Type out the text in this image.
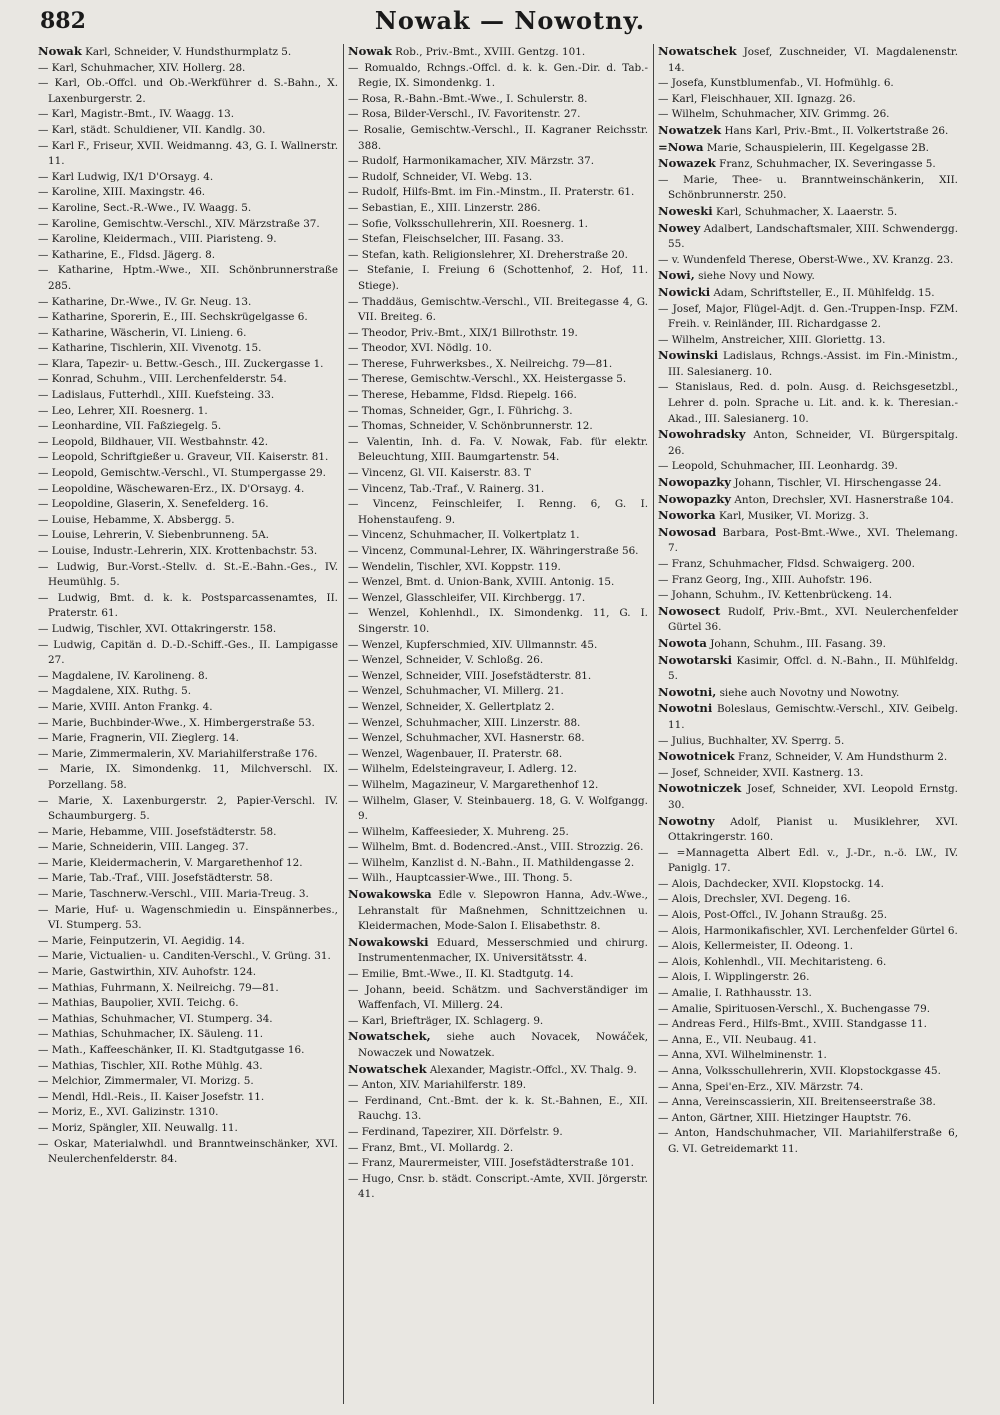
882	Nowak — Nowotny.

Nowak Karl, Schneider, V. Hundsthurmplatz 5.

— Karl, Schuhmacher, XIV. Hollerg. 28.

— Karl, Ob.-Offcl. und Ob.-Werkführer d. S.-Bahn., X. Laxenburgerstr. 2.

— Karl, Magistr.-Bmt., IV. Waagg. 13.

— Karl, städt. Schuldiener, VII. Kandlg. 30.

— Karl F., Friseur, XVII. Weidmanng. 43, G. I. Wallnerstr. 11.

— Karl Ludwig, IX/1 D'Orsayg. 4.

— Karoline, XIII. Maxingstr. 46.

— Karoline, Sect.-R.-Wwe., IV. Waagg. 5.

— Karoline, Gemischtw.-Verschl., XIV. Märzstraße 37.

— Karoline, Kleidermach., VIII. Piaristeng. 9.

— Katharine, E., Fldsd. Jägerg. 8.

— Katharine, Hptm.-Wwe., XII. Schönbrunnerstraße 285.

— Katharine, Dr.-Wwe., IV. Gr. Neug. 13.

— Katharine, Sporerin, E., III. Sechskrügelgasse 6.

— Katharine, Wäscherin, VI. Linieng. 6.

— Katharine, Tischlerin, XII. Vivenotg. 15.

— Klara, Tapezir- u. Bettw.-Gesch., III. Zuckergasse 1.

— Konrad, Schuhm., VIII. Lerchenfelderstr. 54.

— Ladislaus, Futterhdl., XIII. Kuefsteing. 33.

— Leo, Lehrer, XII. Roesnerg. 1.

— Leonhardine, VII. Faßziegelg. 5.

— Leopold, Bildhauer, VII. Westbahnstr. 42.

— Leopold, Schriftgießer u. Graveur, VII. Kaiserstr. 81.

— Leopold, Gemischtw.-Verschl., VI. Stumpergasse 29.

— Leopoldine, Wäschewaren-Erz., IX. D'Orsayg. 4.

— Leopoldine, Glaserin, X. Senefelderg. 16.

— Louise, Hebamme, X. Absbergg. 5.

— Louise, Lehrerin, V. Siebenbrunneng. 5A.

— Louise, Industr.-Lehrerin, XIX. Krottenbachstr. 53.

— Ludwig, Bur.-Vorst.-Stellv. d. St.-E.-Bahn.-Ges., IV. Heumühlg. 5.

— Ludwig, Bmt. d. k. k. Postsparcassenamtes, II. Praterstr. 61.

— Ludwig, Tischler, XVI. Ottakringerstr. 158.

— Ludwig, Capitän d. D.-D.-Schiff.-Ges., II. Lampigasse 27.

— Magdalene, IV. Karolineng. 8.

— Magdalene, XIX. Ruthg. 5.

— Marie, XVIII. Anton Frankg. 4.

— Marie, Buchbinder-Wwe., X. Himbergerstraße 53.

— Marie, Fragnerin, VII. Zieglerg. 14.

— Marie, Zimmermalerin, XV. Mariahilferstraße 176.

— Marie, IX. Simondenkg. 11, Milchverschl. IX. Porzellang. 58.

— Marie, X. Laxenburgerstr. 2, Papier-Verschl. IV. Schaumburgerg. 5.

— Marie, Hebamme, VIII. Josefstädterstr. 58.

— Marie, Schneiderin, VIII. Langeg. 37.

— Marie, Kleidermacherin, V. Margarethenhof 12.

— Marie, Tab.-Traf., VIII. Josefstädterstr. 58.

— Marie, Taschnerw.-Verschl., VIII. Maria-Treug. 3.

— Marie, Huf- u. Wagenschmiedin u. Einspännerbes., VI. Stumperg. 53.

— Marie, Feinputzerin, VI. Aegidig. 14.

— Marie, Victualien- u. Canditen-Verschl., V. Grüng. 31.

— Marie, Gastwirthin, XIV. Auhofstr. 124.

— Mathias, Fuhrmann, X. Neilreichg. 79—81.

— Mathias, Baupolier, XVII. Teichg. 6.

— Mathias, Schuhmacher, VI. Stumperg. 34.

— Mathias, Schuhmacher, IX. Säuleng. 11.

— Math., Kaffeeschänker, II. Kl. Stadtgutgasse 16.

— Mathias, Tischler, XII. Rothe Mühlg. 43.

— Melchior, Zimmermaler, VI. Morizg. 5.

— Mendl, Hdl.-Reis., II. Kaiser Josefstr. 11.

— Moriz, E., XVI. Galizinstr. 1310.

— Moriz, Spängler, XII. Neuwallg. 11.

— Oskar, Materialwhdl. und Branntweinschänker, XVI. Neulerchenfelderstr. 84.

Nowak Rob., Priv.-Bmt., XVIII. Gentzg. 101.

— Romualdo, Rchngs.-Offcl. d. k. k. Gen.-Dir. d. Tab.-Regie, IX. Simondenkg. 1.

— Rosa, R.-Bahn.-Bmt.-Wwe., I. Schulerstr. 8.

— Rosa, Bilder-Verschl., IV. Favoritenstr. 27.

— Rosalie, Gemischtw.-Verschl., II. Kagraner Reichsstr. 388.

— Rudolf, Harmonikamacher, XIV. Märzstr. 37.

— Rudolf, Schneider, VI. Webg. 13.

— Rudolf, Hilfs-Bmt. im Fin.-Minstm., II. Praterstr. 61.

— Sebastian, E., XIII. Linzerstr. 286.

— Sofie, Volksschullehrerin, XII. Roesnerg. 1.

— Stefan, Fleischselcher, III. Fasang. 33.

— Stefan, kath. Religionslehrer, XI. Dreherstraße 20.

— Stefanie, I. Freiung 6 (Schottenhof, 2. Hof, 11. Stiege).

— Thaddäus, Gemischtw.-Verschl., VII. Breitegasse 4, G. VII. Breiteg. 6.

— Theodor, Priv.-Bmt., XIX/1 Billrothstr. 19.

— Theodor, XVI. Nödlg. 10.

— Therese, Fuhrwerksbes., X. Neilreichg. 79—81.

— Therese, Gemischtw.-Verschl., XX. Heistergasse 5.

— Therese, Hebamme, Fldsd. Riepelg. 166.

— Thomas, Schneider, Ggr., I. Führichg. 3.

— Thomas, Schneider, V. Schönbrunnerstr. 12.

— Valentin, Inh. d. Fa. V. Nowak, Fab. für elektr. Beleuchtung, XIII. Baumgartenstr. 54.

— Vincenz, Gl. VII. Kaiserstr. 83. T

— Vincenz, Tab.-Traf., V. Rainerg. 31.

— Vincenz, Feinschleifer, I. Renng. 6, G. I. Hohenstaufeng. 9.

— Vincenz, Schuhmacher, II. Volkertplatz 1.

— Vincenz, Communal-Lehrer, IX. Währingerstraße 56.

— Wendelin, Tischler, XVI. Koppstr. 119.

— Wenzel, Bmt. d. Union-Bank, XVIII. Antonig. 15.

— Wenzel, Glasschleifer, VII. Kirchbergg. 17.

— Wenzel, Kohlenhdl., IX. Simondenkg. 11, G. I. Singerstr. 10.

— Wenzel, Kupferschmied, XIV. Ullmannstr. 45.

— Wenzel, Schneider, V. Schloßg. 26.

— Wenzel, Schneider, VIII. Josefstädterstr. 81.

— Wenzel, Schuhmacher, VI. Millerg. 21.

— Wenzel, Schneider, X. Gellertplatz 2.

— Wenzel, Schuhmacher, XIII. Linzerstr. 88.

— Wenzel, Schuhmacher, XVI. Hasnerstr. 68.

— Wenzel, Wagenbauer, II. Praterstr. 68.

— Wilhelm, Edelsteingraveur, I. Adlerg. 12.

— Wilhelm, Magazineur, V. Margarethenhof 12.

— Wilhelm, Glaser, V. Steinbauerg. 18, G. V. Wolfgangg. 9.

— Wilhelm, Kaffeesieder, X. Muhreng. 25.

— Wilhelm, Bmt. d. Bodencred.-Anst., VIII. Strozzig. 26.

— Wilhelm, Kanzlist d. N.-Bahn., II. Mathildengasse 2.

— Wilh., Hauptcassier-Wwe., III. Thong. 5.

Nowakowska Edle v. Slepowron Hanna, Adv.-Wwe., Lehranstalt für Maßnehmen, Schnittzeichnen u. Kleidermachen, Mode-Salon I. Elisabethstr. 8.

Nowakowski Eduard, Messerschmied und chirurg. Instrumentenmacher, IX. Universitätsstr. 4.

— Emilie, Bmt.-Wwe., II. Kl. Stadtgutg. 14.

— Johann, beeid. Schätzm. und Sachverständiger im Waffenfach, VI. Millerg. 24.

— Karl, Briefträger, IX. Schlagerg. 9.

Nowatschek, siehe auch Novacek, Nowáček, Nowaczek und Nowatzek.

Nowatschek Alexander, Magistr.-Offcl., XV. Thalg. 9.

— Anton, XIV. Mariahilferstr. 189.

— Ferdinand, Cnt.-Bmt. der k. k. St.-Bahnen, E., XII. Rauchg. 13.

— Ferdinand, Tapezirer, XII. Dörfelstr. 9.

— Franz, Bmt., VI. Mollardg. 2.

— Franz, Maurermeister, VIII. Josefstädterstraße 101.

— Hugo, Cnsr. b. städt. Conscript.-Amte, XVII. Jörgerstr. 41.

Nowatschek Josef, Zuschneider, VI. Magdalenenstr. 14.

— Josefa, Kunstblumenfab., VI. Hofmühlg. 6.

— Karl, Fleischhauer, XII. Ignazg. 26.

— Wilhelm, Schuhmacher, XIV. Grimmg. 26.

Nowatzek Hans Karl, Priv.-Bmt., II. Volkertstraße 26.

=Nowa Marie, Schauspielerin, III. Kegelgasse 2B.

Nowazek Franz, Schuhmacher, IX. Severingasse 5.

— Marie, Thee- u. Branntweinschänkerin, XII. Schönbrunnerstr. 250.

Noweski Karl, Schuhmacher, X. Laaerstr. 5.

Nowey Adalbert, Landschaftsmaler, XIII. Schwendergg. 55.

— v. Wundenfeld Therese, Oberst-Wwe., XV. Kranzg. 23.

Nowi, siehe Novy und Nowy.

Nowicki Adam, Schriftsteller, E., II. Mühlfeldg. 15.

— Josef, Major, Flügel-Adjt. d. Gen.-Truppen-Insp. FZM. Freih. v. Reinländer, III. Richardgasse 2.

— Wilhelm, Anstreicher, XIII. Gloriettg. 13.

Nowinski Ladislaus, Rchngs.-Assist. im Fin.-Ministm., III. Salesianerg. 10.

— Stanislaus, Red. d. poln. Ausg. d. Reichsgesetzbl., Lehrer d. poln. Sprache u. Lit. and. k. k. Theresian.-Akad., III. Salesianerg. 10.

Nowohradsky Anton, Schneider, VI. Bürgerspitalg. 26.

— Leopold, Schuhmacher, III. Leonhardg. 39.

Nowopazky Johann, Tischler, VI. Hirschengasse 24.

Nowopazky Anton, Drechsler, XVI. Hasnerstraße 104.

Noworka Karl, Musiker, VI. Morizg. 3.

Nowosad Barbara, Post-Bmt.-Wwe., XVI. Thelemang. 7.

— Franz, Schuhmacher, Fldsd. Schwaigerg. 200.

— Franz Georg, Ing., XIII. Auhofstr. 196.

— Johann, Schuhm., IV. Kettenbrückeng. 14.

Nowosect Rudolf, Priv.-Bmt., XVI. Neulerchenfelder Gürtel 36.

Nowota Johann, Schuhm., III. Fasang. 39.

Nowotarski Kasimir, Offcl. d. N.-Bahn., II. Mühlfeldg. 5.

Nowotni, siehe auch Novotny und Nowotny.

Nowotni Boleslaus, Gemischtw.-Verschl., XIV. Geibelg. 11.

— Julius, Buchhalter, XV. Sperrg. 5.

Nowotnicek Franz, Schneider, V. Am Hundsthurm 2.

— Josef, Schneider, XVII. Kastnerg. 13.

Nowotniczek Josef, Schneider, XVI. Leopold Ernstg. 30.

Nowotny Adolf, Pianist u. Musiklehrer, XVI. Ottakringerstr. 160.

— =Mannagetta Albert Edl. v., J.-Dr., n.-ö. LW., IV. Paniglg. 17.

— Alois, Dachdecker, XVII. Klopstockg. 14.

— Alois, Drechsler, XVI. Degeng. 16.

— Alois, Post-Offcl., IV. Johann Straußg. 25.

— Alois, Harmonikafischler, XVI. Lerchenfelder Gürtel 6.

— Alois, Kellermeister, II. Odeong. 1.

— Alois, Kohlenhdl., VII. Mechitaristeng. 6.

— Alois, I. Wipplingerstr. 26.

— Amalie, I. Rathhausstr. 13.

— Amalie, Spirituosen-Verschl., X. Buchengasse 79.

— Andreas Ferd., Hilfs-Bmt., XVIII. Standgasse 11.

— Anna, E., VII. Neubaug. 41.

— Anna, XVI. Wilhelminenstr. 1.

— Anna, Volksschullehrerin, XVII. Klopstockgasse 45.

— Anna, Spei'en-Erz., XIV. Märzstr. 74.

— Anna, Vereinscassierin, XII. Breitenseerstraße 38.

— Anton, Gärtner, XIII. Hietzinger Hauptstr. 76.

— Anton, Handschuhmacher, VII. Mariahilferstraße 6, G. VI. Getreidemarkt 11.
